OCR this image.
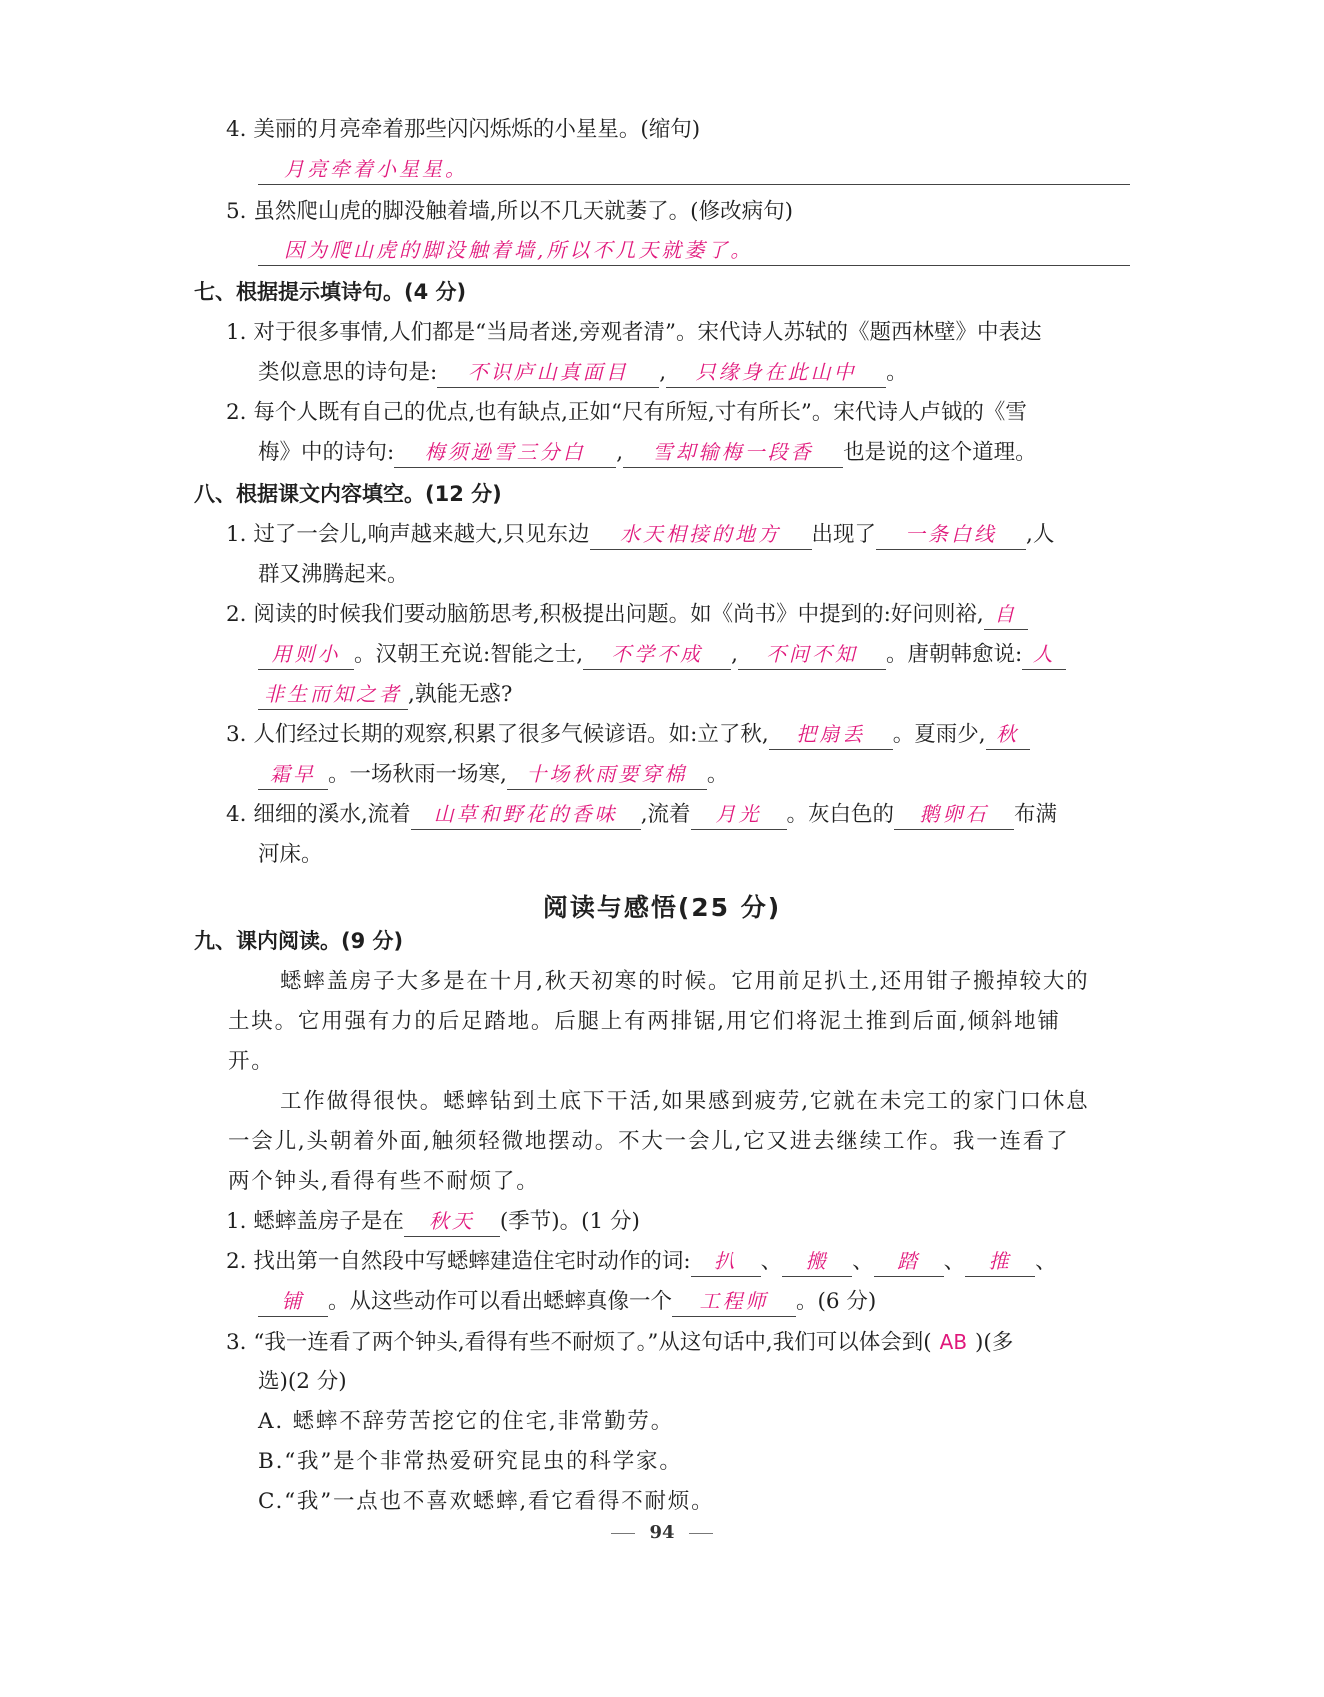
4. 美丽的月亮牵着那些闪闪烁烁的小星星。(缩句)
月亮牵着小星星。
5. 虽然爬山虎的脚没触着墙,所以不几天就萎了。(修改病句)
因为爬山虎的脚没触着墙,所以不几天就萎了。
七、根据提示填诗句。(4 分)
1. 对于很多事情,人们都是“当局者迷,旁观者清”。宋代诗人苏轼的《题西林壁》中表达
类似意思的诗句是: 不识庐山真面目 , 只缘身在此山中 。
2. 每个人既有自己的优点,也有缺点,正如“尺有所短,寸有所长”。宋代诗人卢钺的《雪
梅》中的诗句: 梅须逊雪三分白 , 雪却输梅一段香 也是说的这个道理。
八、根据课文内容填空。(12 分)
1. 过了一会儿,响声越来越大,只见东边 水天相接的地方 出现了 一条白线 ,人
群又沸腾起来。
2. 阅读的时候我们要动脑筋思考,积极提出问题。如《尚书》中提到的:好问则裕, 自
用则小 。汉朝王充说:智能之士, 不学不成 , 不问不知 。唐朝韩愈说: 人
非生而知之者 ,孰能无惑?
3. 人们经过长期的观察,积累了很多气候谚语。如:立了秋, 把扇丢 。夏雨少, 秋
霜早 。一场秋雨一场寒, 十场秋雨要穿棉 。
4. 细细的溪水,流着 山草和野花的香味 ,流着 月光 。灰白色的 鹅卵石 布满
河床。
阅读与感悟(25 分)
九、课内阅读。(9 分)
蟋蟀盖房子大多是在十月,秋天初寒的时候。它用前足扒土,还用钳子搬掉较大的
土块。它用强有力的后足踏地。后腿上有两排锯,用它们将泥土推到后面,倾斜地铺
开。
工作做得很快。蟋蟀钻到土底下干活,如果感到疲劳,它就在未完工的家门口休息
一会儿,头朝着外面,触须轻微地摆动。不大一会儿,它又进去继续工作。我一连看了
两个钟头,看得有些不耐烦了。
1. 蟋蟀盖房子是在 秋天 (季节)。(1 分)
2. 找出第一自然段中写蟋蟀建造住宅时动作的词: 扒 、 搬 、 踏 、 推 、
铺 。从这些动作可以看出蟋蟀真像一个 工程师 。(6 分)
3. “我一连看了两个钟头,看得有些不耐烦了。”从这句话中,我们可以体会到( AB )(多
选)(2 分)
A. 蟋蟀不辞劳苦挖它的住宅,非常勤劳。
B.“我”是个非常热爱研究昆虫的科学家。
C.“我”一点也不喜欢蟋蟀,看它看得不耐烦。
94
